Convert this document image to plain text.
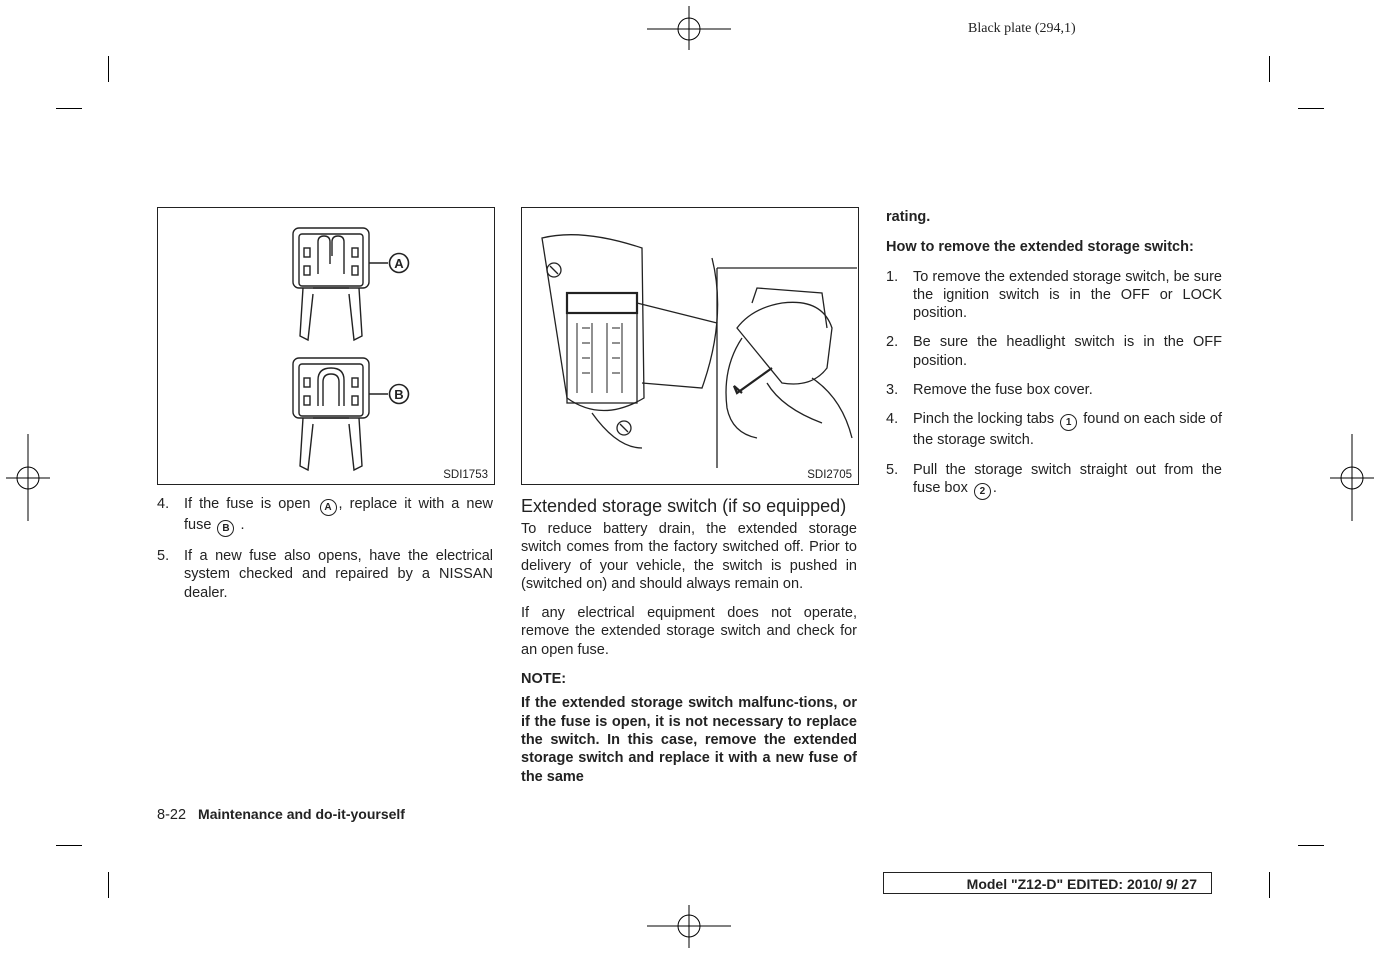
Black plate (294,1)
A
B
SDI1753	SDI2705
4. If the fuse is open A , replace it with a new fuse B .
5. If a new fuse also opens, have the electrical system checked and repaired by a NISSAN dealer.
Extended storage switch (if so equipped)

To reduce battery drain, the extended storage switch comes from the factory switched off. Prior to delivery of your vehicle, the switch is pushed in (switched on) and should always remain on.

If any electrical equipment does not operate, remove the extended storage switch and check for an open fuse.

NOTE:

If the extended storage switch malfunc-tions, or if the fuse is open, it is not necessary to replace the switch. In this case, remove the extended storage switch and replace it with a new fuse of the same

rating.

How to remove the extended storage switch:

1. To remove the extended storage switch, be sure the ignition switch is in the OFF or LOCK position.
2. Be sure the headlight switch is in the OFF position.
3. Remove the fuse box cover.
4. Pinch the locking tabs 1 found on each side of the storage switch.
5. Pull the storage switch straight out from the fuse box 2 .
8-22 Maintenance and do-it-yourself
Model "Z12-D" EDITED: 2010/ 9/ 27
